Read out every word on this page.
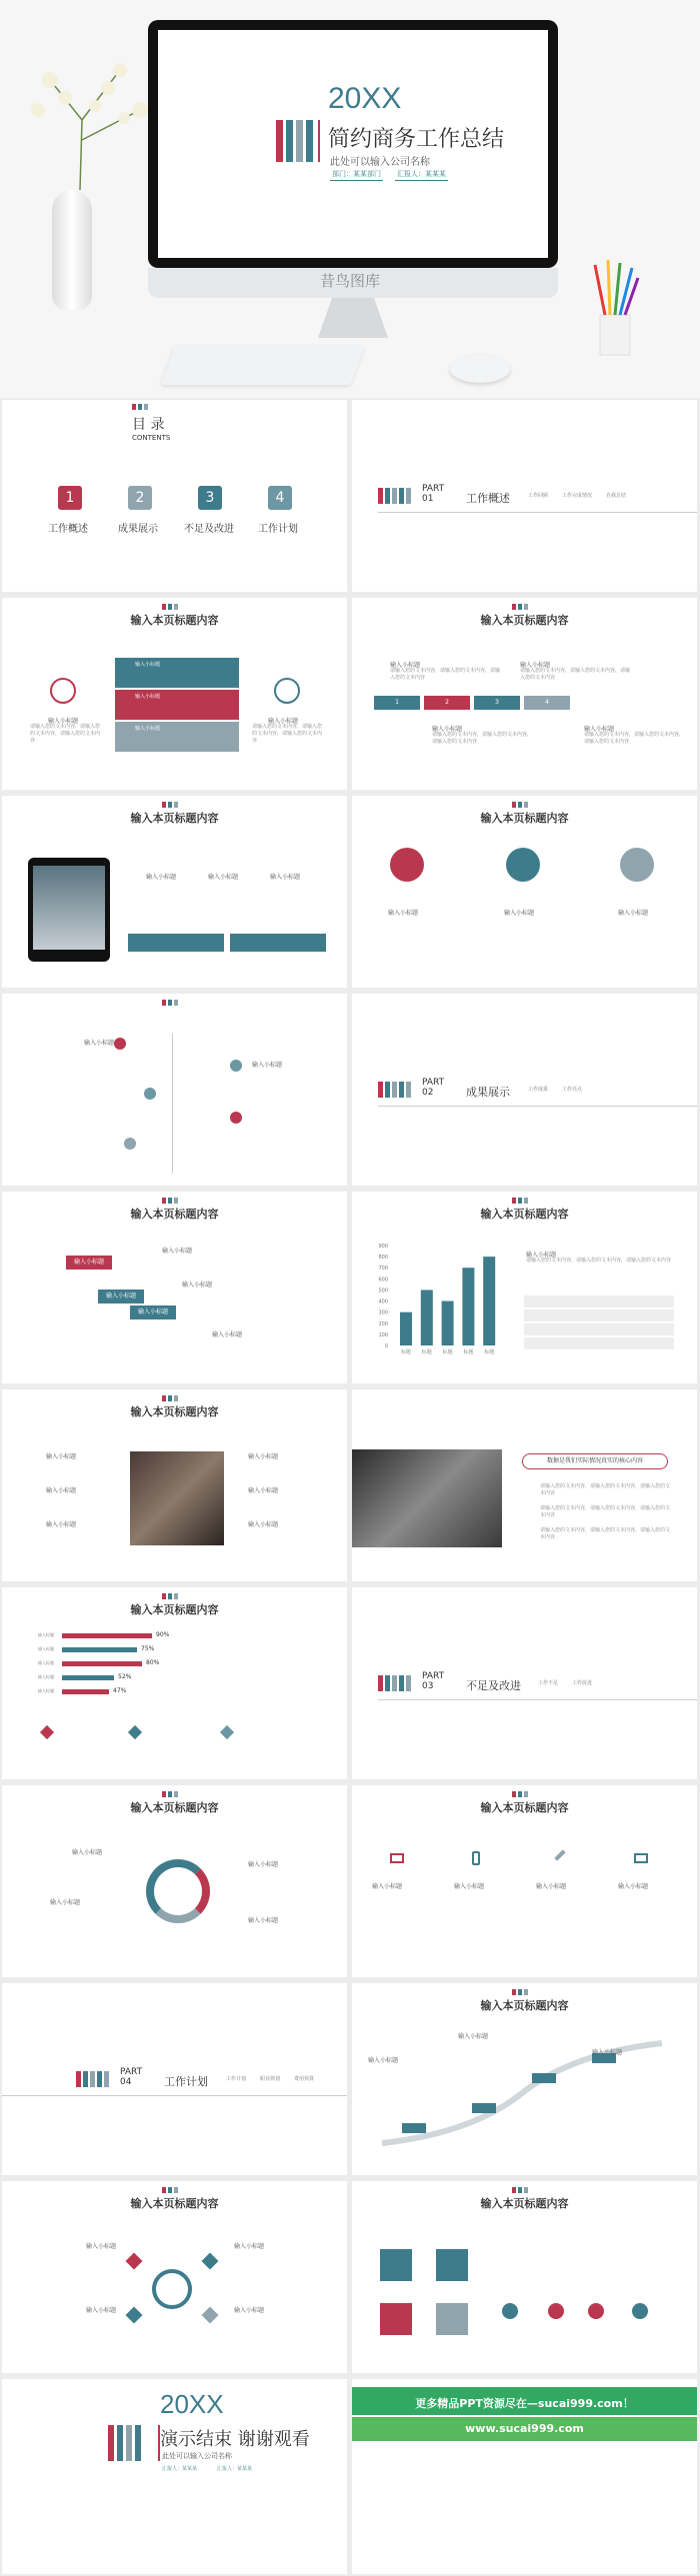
20XX
简约商务工作总结
此处可以输入公司名称
部门：某某部门 汇报人：某某某
昔鸟图库
目 录
CONTENTS
1	2	3	4
工作概述	成果展示	不足及改进 工作计划
PART
01	工作概述	工作回顾	工作完成情况	自我总结
输入本页标题内容
输入小标题
请输入您的文本内容，请输入您的文本内容，请输入您的文本内容
输入小标题
请输入您的文本内容，请输入您的文本内容，请输入您的文本内容
输入小标题
输入小标题
输入小标题
输入本页标题内容
输入小标题
请输入您的文本内容，请输入您的文本内容，请输入您的文本内容
输入小标题
请输入您的文本内容，请输入您的文本内容，请输入您的文本内容
1	2	3	4
输入小标题
请输入您的文本内容，请输入您的文本内容，请输入您的文本内容
输入小标题
请输入您的文本内容，请输入您的文本内容，请输入您的文本内容
输入本页标题内容
输入小标题	输入小标题	输入小标题
输入本页标题内容
输入小标题	输入小标题	输入小标题
输入小标题
输入小标题
PART
02	成果展示	工作成果	工作亮点
输入本页标题内容
输入小标题
输入小标题
输入小标题
输入小标题
输入小标题
输入小标题
输入本页标题内容
900
800
700
600
500
400
300
200
100
0
标题 标题 标题 标题 标题
输入小标题
请输入您的文本内容，请输入您的文本内容，请输入您的文本内容
输入本页标题内容
输入小标题
输入小标题
输入小标题
输入小标题
输入小标题
输入小标题
数据是我们实际情况真实的核心内容
请输入您的文本内容，请输入您的文本内容，请输入您的文本内容
请输入您的文本内容，请输入您的文本内容，请输入您的文本内容
请输入您的文本内容，请输入您的文本内容，请输入您的文本内容
输入本页标题内容
输入标题	90%
输入标题	75%
输入标题	80%
输入标题	52%
输入标题	47%
PART
03	不足及改进	工作不足	工作改进
输入本页标题内容
输入小标题
输入小标题
输入小标题
输入小标题
输入本页标题内容
输入小标题	输入小标题	输入小标题	输入小标题
PART
04	工作计划	工作计划	职业规划	费用预算
输入本页标题内容
输入小标题
输入小标题
输入小标题
输入本页标题内容
输入小标题	输入小标题
输入小标题	输入小标题
输入本页标题内容
20XX
演示结束 谢谢观看
此处可以输入公司名称
汇报人：某某某	汇报人：某某某
更多精品PPT资源尽在—sucai999.com！
www.sucai999.com
